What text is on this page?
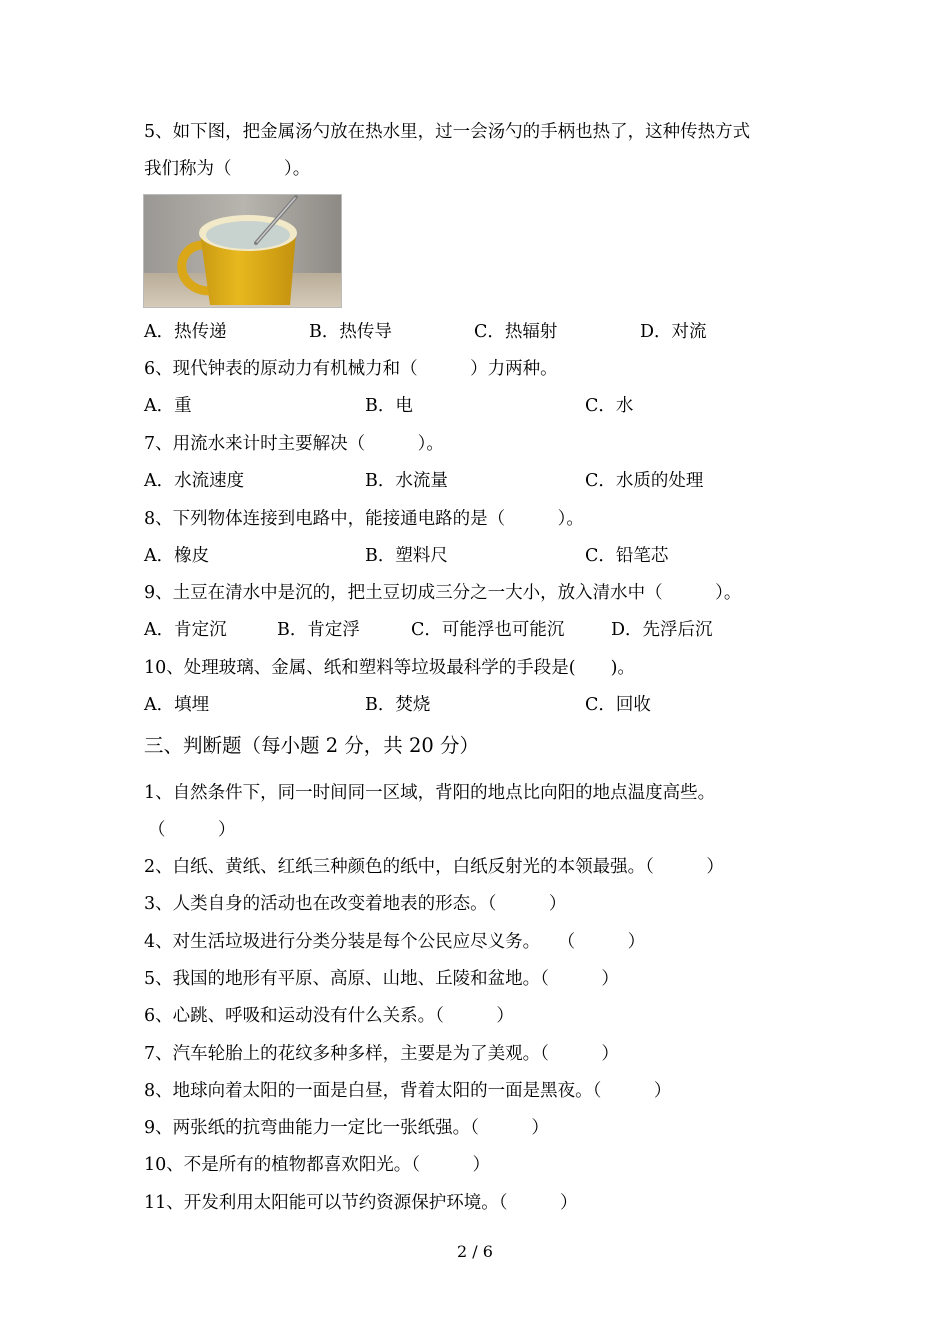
5、如下图，把金属汤勺放在热水里，过一会汤勺的手柄也热了，这种传热方式
我们称为（　　　）。

A．热传递

	B．热传导

	C．热辐射

	D．对流

6、现代钟表的原动力有机械力和（　　　）力两种。

A．重

	B．电

	C．水

7、用流水来计时主要解决（　　　）。

A．水流速度

	B．水流量

	C．水质的处理

8、下列物体连接到电路中，能接通电路的是（　　　）。

A．橡皮

	B．塑料尺

	C．铅笔芯

9、土豆在清水中是沉的，把土豆切成三分之一大小，放入清水中（　　　）。

A．肯定沉

	B．肯定浮

	C．可能浮也可能沉

	D．先浮后沉

10、处理玻璃、金属、纸和塑料等垃圾最科学的手段是(　　)。

A．填埋

	B．焚烧

	C．回收

三、判断题（每小题 2 分，共 20 分）
1、自然条件下，同一时间同一区域，背阳的地点比向阳的地点温度高些。
（　　　）
2、白纸、黄纸、红纸三种颜色的纸中，白纸反射光的本领最强。（　　　）
3、人类自身的活动也在改变着地表的形态。（　　　）
4、对生活垃圾进行分类分装是每个公民应尽义务。　　（　　　）
5、我国的地形有平原、高原、山地、丘陵和盆地。（　　　）
6、心跳、呼吸和运动没有什么关系。（　　　）
7、汽车轮胎上的花纹多种多样，主要是为了美观。（　　　）
8、地球向着太阳的一面是白昼，背着太阳的一面是黑夜。（　　　）
9、两张纸的抗弯曲能力一定比一张纸强。（　　　）
10、不是所有的植物都喜欢阳光。（　　　）
11、开发利用太阳能可以节约资源保护环境。（　　　）
2 / 6
